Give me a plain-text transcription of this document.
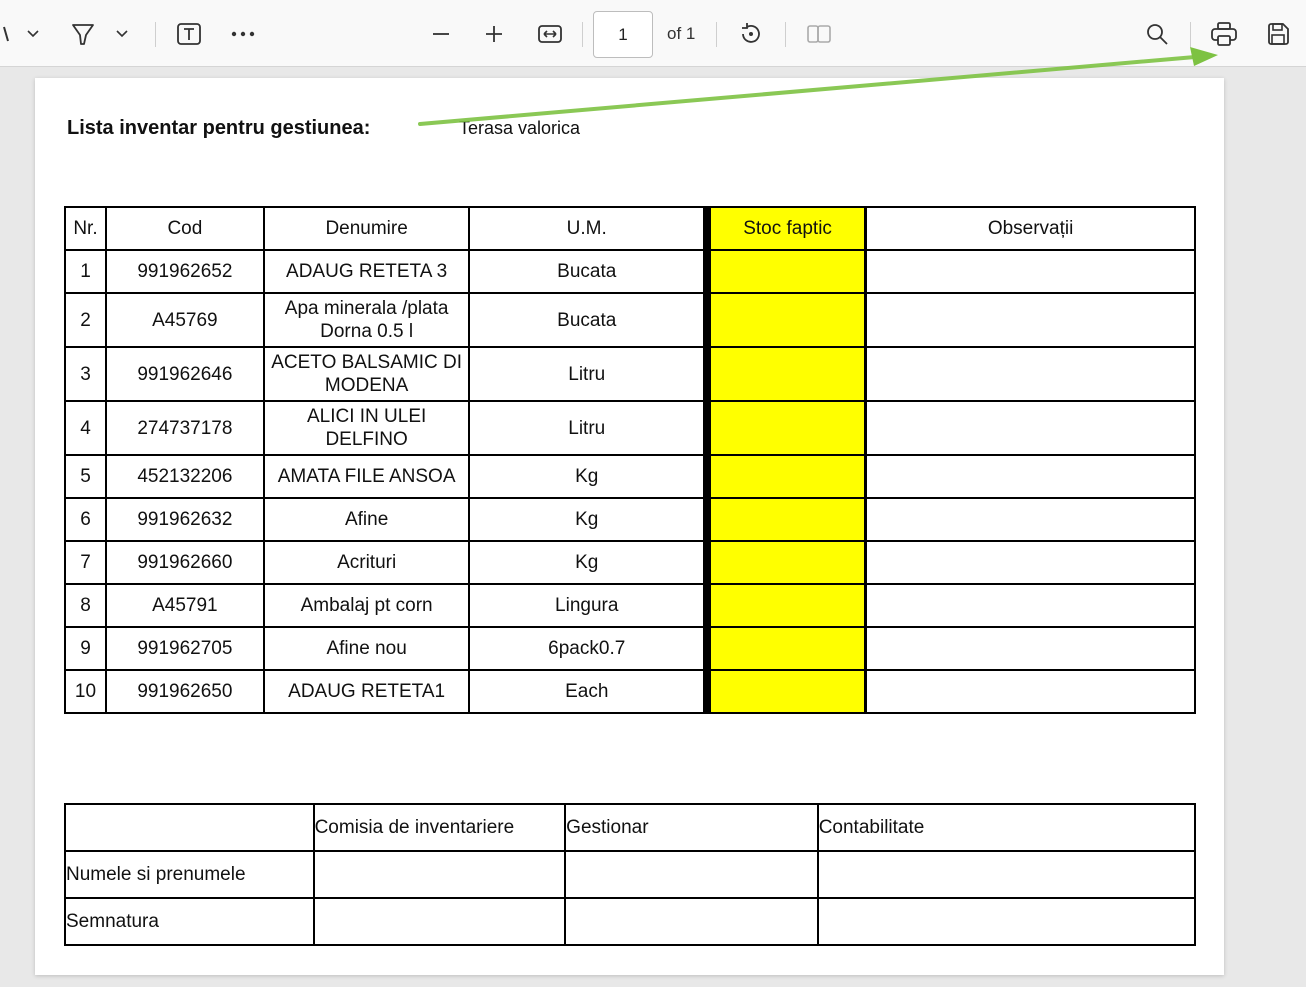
1 of 1
Lista inventar pentru gestiunea:	Terasa valorica
Nr.	Cod	Denumire	U.M.	Stoc faptic	Observații
1	991962652	ADAUG RETETA 3	Bucata		
2	A45769	Apa minerala /plata Dorna 0.5 l	Bucata		
3	991962646	ACETO BALSAMIC DI MODENA	Litru		
4	274737178	ALICI IN ULEI DELFINO	Litru		
5	452132206	AMATA FILE ANSOA	Kg		
6	991962632	Afine	Kg		
7	991962660	Acrituri	Kg		
8	A45791	Ambalaj pt corn	Lingura		
9	991962705	Afine nou	6pack0.7		
10	991962650	ADAUG RETETA1	Each		
	Comisia de inventariere	Gestionar	Contabilitate
Numele si prenumele			
Semnatura			
